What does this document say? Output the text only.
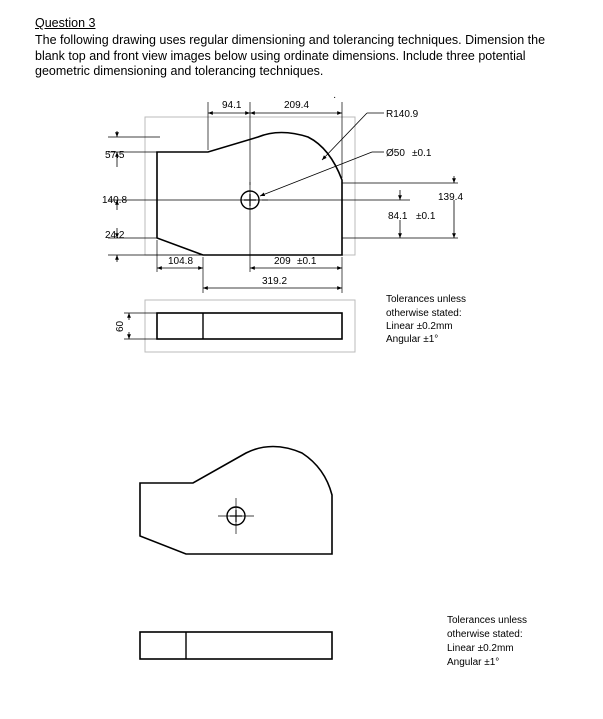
Question 3
The following drawing uses regular dimensioning and tolerancing techniques. Dimension the
blank top and front view images below using ordinate dimensions. Include three potential
geometric dimensioning and tolerancing techniques.
94.1	209.4
·
R140.9
Ø50 ±0.1
57.5
140.8
24.2
139.4
84.1 ±0.1
104.8	209 ±0.1
319.2
60
Tolerances unless
otherwise stated:
Linear ±0.2mm
Angular ±1°
Tolerances unless
otherwise stated:
Linear ±0.2mm
Angular ±1°
